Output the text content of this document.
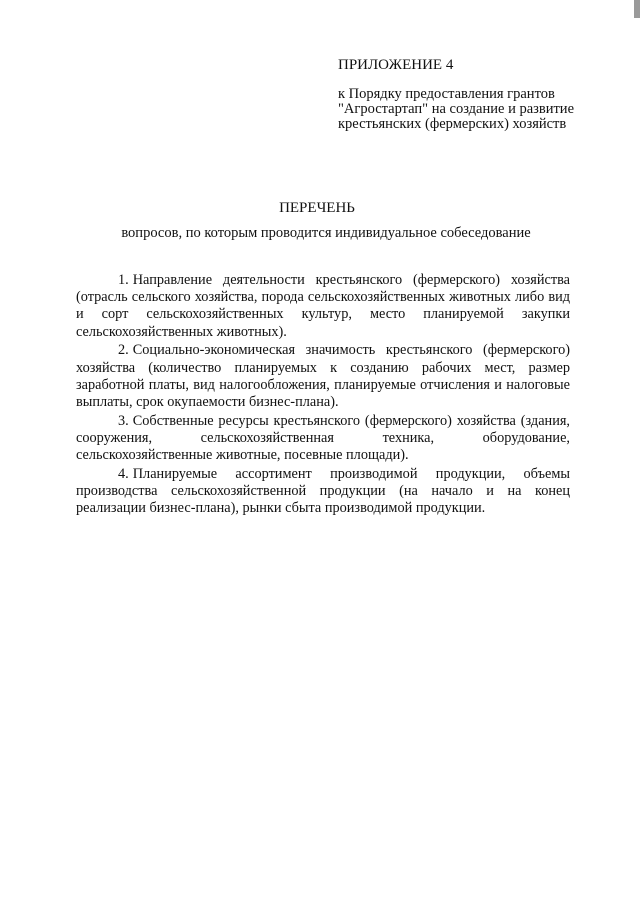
ПРИЛОЖЕНИЕ 4
к Порядку предоставления грантов
"Агростартап" на создание и развитие
крестьянских (фермерских) хозяйств
ПЕРЕЧЕНЬ
вопросов, по которым проводится индивидуальное собеседование

1. Направление деятельности крестьянского (фермерского) хозяйства (отрасль сельского хозяйства, порода сельскохозяйственных животных либо вид и сорт сельскохозяйственных культур, место планируемой закупки сельскохозяйственных животных).

2. Социально-экономическая значимость крестьянского (фермерского) хозяйства (количество планируемых к созданию рабочих мест, размер заработной платы, вид налогообложения, планируемые отчисления и налоговые выплаты, срок окупаемости бизнес-плана).

3. Собственные ресурсы крестьянского (фермерского) хозяйства (здания, сооружения, сельскохозяйственная техника, оборудование, сельскохозяйственные животные, посевные площади).

4. Планируемые ассортимент производимой продукции, объемы производства сельскохозяйственной продукции (на начало и на конец реализации бизнес-плана), рынки сбыта производимой продукции.
